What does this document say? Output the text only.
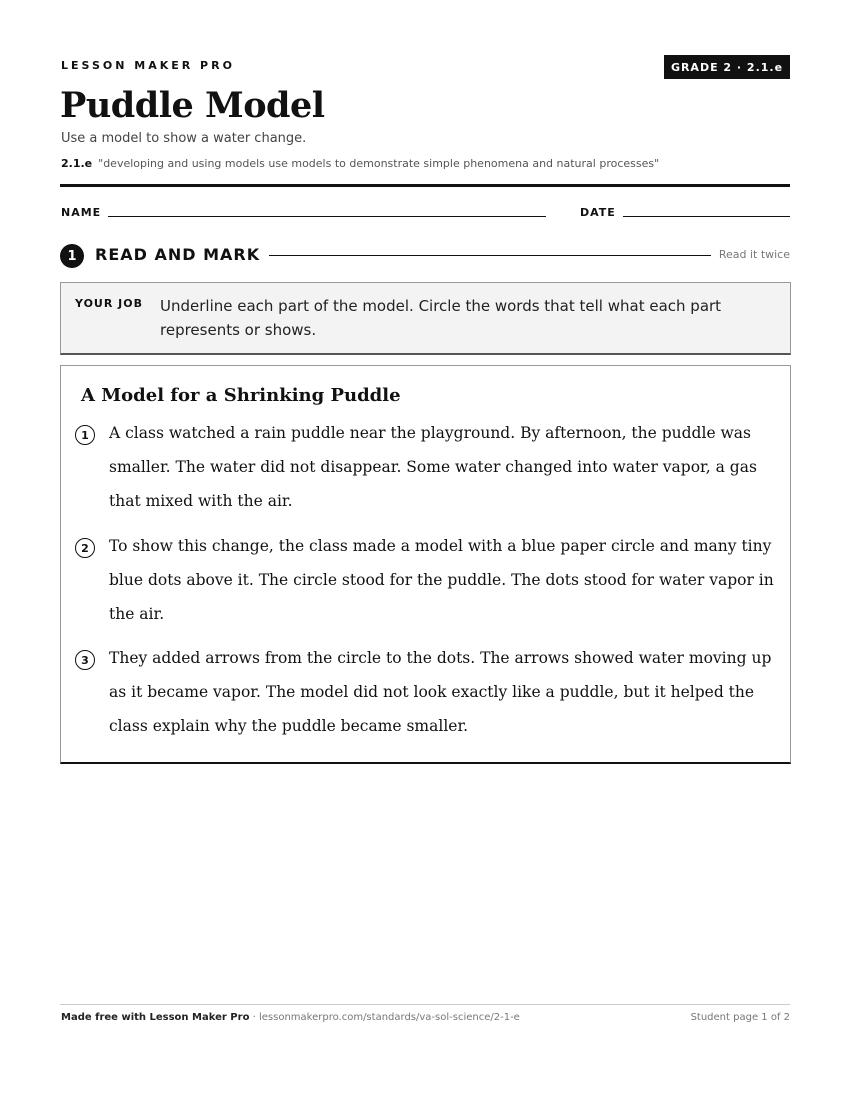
LESSON MAKER PRO	GRADE 2 · 2.1.e
Puddle Model
Use a model to show a water change.
2.1.e "developing and using models use models to demonstrate simple phenomena and natural processes"
NAME	DATE
1	READ AND MARK	Read it twice
YOUR JOB Underline each part of the model. Circle the words that tell what each part represents or shows.
A Model for a Shrinking Puddle
1	A class watched a rain puddle near the playground. By afternoon, the puddle was smaller. The water did not disappear. Some water changed into water vapor, a gas that mixed with the air.
2	To show this change, the class made a model with a blue paper circle and many tiny blue dots above it. The circle stood for the puddle. The dots stood for water vapor in the air.
3	They added arrows from the circle to the dots. The arrows showed water moving up as it became vapor. The model did not look exactly like a puddle, but it helped the class explain why the puddle became smaller.
Made free with Lesson Maker Pro · lessonmakerpro.com/standards/va-sol-science/2-1-e	Student page 1 of 2
